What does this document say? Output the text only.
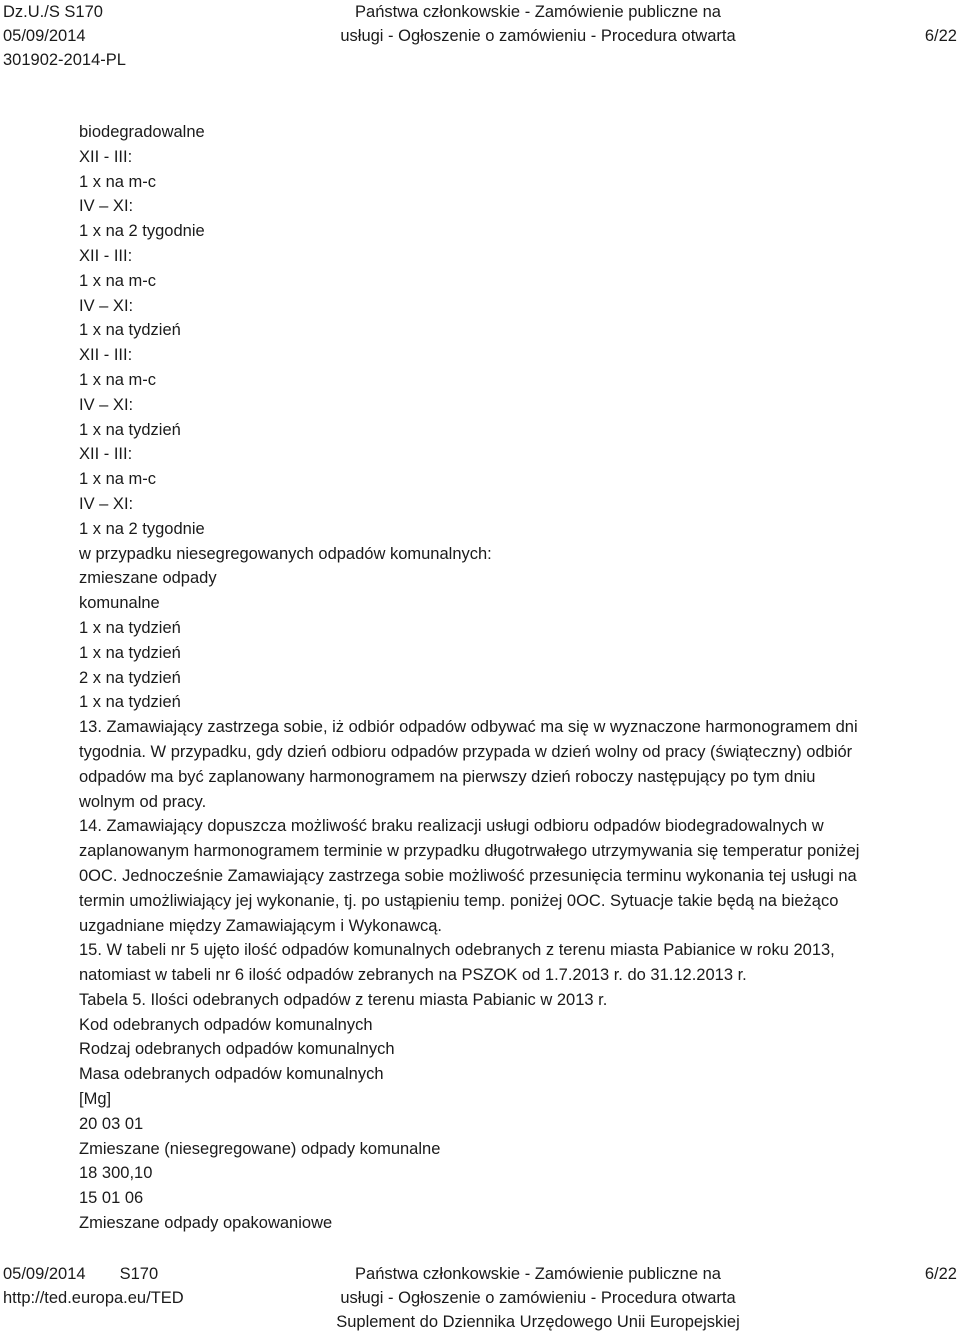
Dz.U./S S170
05/09/2014
301902-2014-PL
Państwa członkowskie - Zamówienie publiczne na
usługi - Ogłoszenie o zamówieniu - Procedura otwarta
	6/22
biodegradowalne
XII - III:
1 x na m-c
IV – XI:
1 x na 2 tygodnie
XII - III:
1 x na m-c
IV – XI:
1 x na tydzień
XII - III:
1 x na m-c
IV – XI:
1 x na tydzień
XII - III:
1 x na m-c
IV – XI:
1 x na 2 tygodnie
w przypadku niesegregowanych odpadów komunalnych:
zmieszane odpady
komunalne
1 x na tydzień
1 x na tydzień
2 x na tydzień
1 x na tydzień
13. Zamawiający zastrzega sobie, iż odbiór odpadów odbywać ma się w wyznaczone harmonogramem dni
tygodnia. W przypadku, gdy dzień odbioru odpadów przypada w dzień wolny od pracy (świąteczny) odbiór
odpadów ma być zaplanowany harmonogramem na pierwszy dzień roboczy następujący po tym dniu
wolnym od pracy.
14. Zamawiający dopuszcza możliwość braku realizacji usługi odbioru odpadów biodegradowalnych w
zaplanowanym harmonogramem terminie w przypadku długotrwałego utrzymywania się temperatur poniżej
0OC. Jednocześnie Zamawiający zastrzega sobie możliwość przesunięcia terminu wykonania tej usługi na
termin umożliwiający jej wykonanie, tj. po ustąpieniu temp. poniżej 0OC. Sytuacje takie będą na bieżąco
uzgadniane między Zamawiającym i Wykonawcą.
15. W tabeli nr 5 ujęto ilość odpadów komunalnych odebranych z terenu miasta Pabianice w roku 2013,
natomiast w tabeli nr 6 ilość odpadów zebranych na PSZOK od 1.7.2013 r. do 31.12.2013 r.
Tabela 5. Ilości odebranych odpadów z terenu miasta Pabianic w 2013 r.
Kod odebranych odpadów komunalnych
Rodzaj odebranych odpadów komunalnych
Masa odebranych odpadów komunalnych
[Mg]
20 03 01
Zmieszane (niesegregowane) odpady komunalne
18 300,10
15 01 06
Zmieszane odpady opakowaniowe
05/09/2014 S170
http://ted.europa.eu/TED
Państwa członkowskie - Zamówienie publiczne na
usługi - Ogłoszenie o zamówieniu - Procedura otwarta
Suplement do Dziennika Urzędowego Unii Europejskiej
6/22
